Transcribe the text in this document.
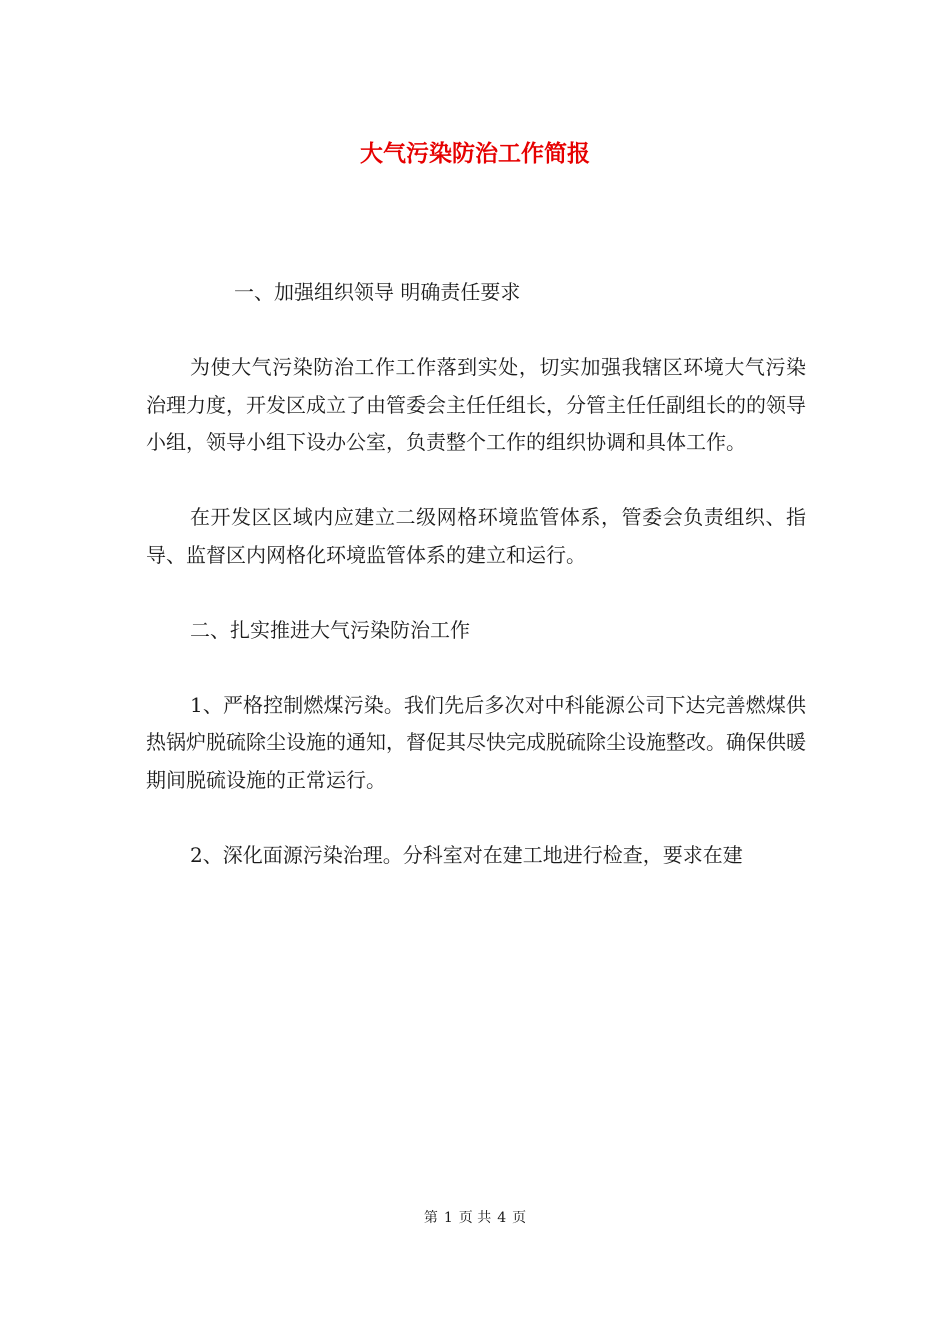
大气污染防治工作简报

一、加强组织领导 明确责任要求

为使大气污染防治工作工作落到实处，切实加强我辖区环境大气污染治理力度，开发区成立了由管委会主任任组长，分管主任任副组长的的领导小组，领导小组下设办公室，负责整个工作的组织协调和具体工作。

在开发区区域内应建立二级网格环境监管体系，管委会负责组织、指导、监督区内网格化环境监管体系的建立和运行。

二、扎实推进大气污染防治工作

1、严格控制燃煤污染。我们先后多次对中科能源公司下达完善燃煤供热锅炉脱硫除尘设施的通知，督促其尽快完成脱硫除尘设施整改。确保供暖期间脱硫设施的正常运行。

2、深化面源污染治理。分科室对在建工地进行检查，要求在建

第 1 页 共 4 页
